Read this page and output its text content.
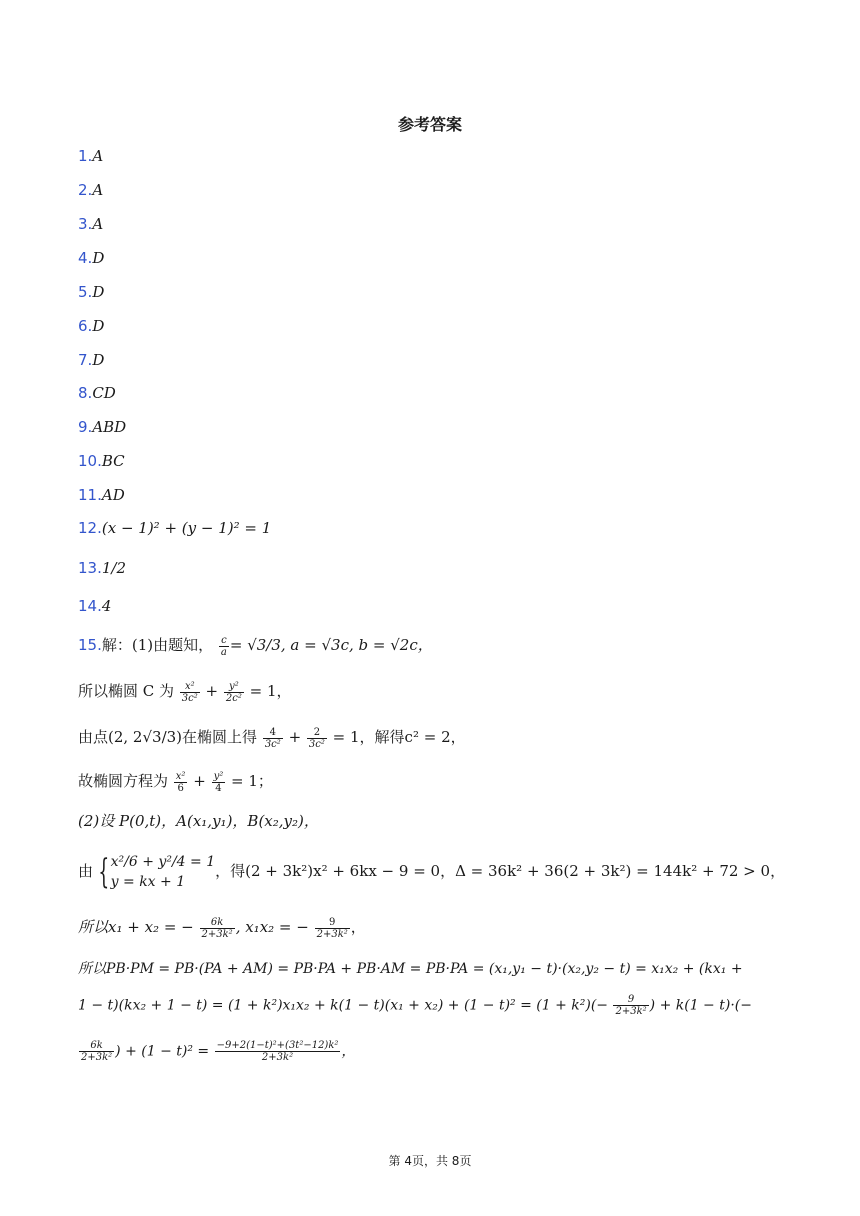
参考答案
1.A
2.A
3.A
4.D
5.D
6.D
7.D
8.CD
9.ABD
10.BC
11.AD
12.(x − 1)² + (y − 1)² = 1
13.1/2
14.4
15.解：(1)由题知， $\frac{c}{a} = √3/3$, a = √3c, b = √2c，
所以椭圆 C 为 $\frac{\text{x²}}{\text{3c²}} + \frac{\text{y²}}{\text{2c²}} = 1$，
由点(2, 2√3/3)在椭圆上得 $\frac{4}{\text{3c²}} + \frac{2}{\text{3c²}} = 1$，解得c² = 2，
故椭圆方程为 $\frac{\text{x²}}{6} + \frac{\text{y²}}{4} = 1$；
(2)设 P(0,t)，A(x₁,y₁)，B(x₂,y₂)，
由 { x²/6 + y²/4 = 1
y = kx + 1
，得(2 + 3k²)x² + 6kx − 9 = 0，Δ = 36k² + 36(2 + 3k²) = 144k² + 72 > 0，
所以x₁ + x₂ = − $\frac{6k}{\text{2+3k²}}$ , x₁x₂ = − $\frac{9}{\text{2+3k²}}$ ，
所以PB·PM = PB·(PA + AM) = PB·PA + PB·AM = PB·PA = (x₁,y₁ − t)·(x₂,y₂ − t) = x₁x₂ + (kx₁ +
$1 - t)(kx_2 + 1 - t) = (1 + k^2)x_1x_2 + k(1 - t)(x_1 + x_2) + (1 - t)^2 = (1 + k^2)(- \frac{9}{\text{2+3k²}}$ ) + k(1 − t)·(−
$\frac{6k}{\text{2+3k²}}$ ) + $(1 - t)^2 = \frac{\text{−9+2(1−t)²+(3t²−12)k²}}{\text{2+3k²}}$ ，
第 4页，共 8页
